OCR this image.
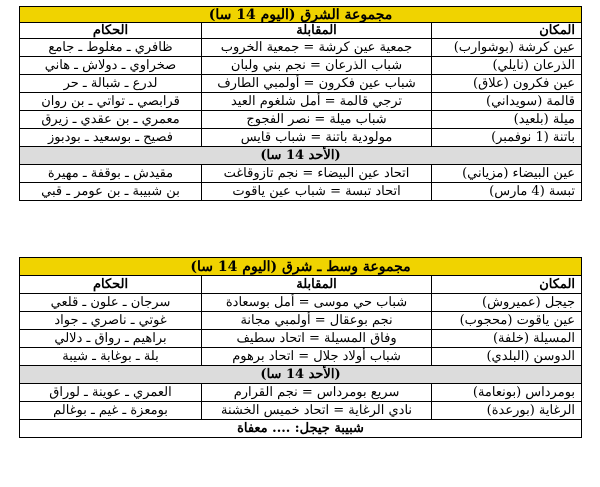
مجموعة الشرق (اليوم 14 سا)		
المكان	المقابلة	الحكام
عين كرشة (بوشوارب)	جمعية عين كرشة = جمعية الخروب	ظافري ـ مغلوط ـ جامع
الذرعان (نايلي)	شباب الذرعان = نجم بني ولبان	صخراوي ـ دولاش ـ هاني
عين فكرون (علاق)	شباب عين فكرون = أولمبي الطارف	لدرع ـ شبالة ـ حر
قالمة (سويداني)	ترجي قالمة = أمل شلغوم العيد	قرابصي ـ تواتي ـ بن روان
ميلة (بلعيد)	شباب ميلة = نصر الفجوج	معمري ـ بن عقدي ـ زيرق
باتنة (1 نوفمبر)	مولودية باتنة = شباب قايس	فصيح ـ بوسعيد ـ بودبوز
(الأحد 14 سا)		
عين البيضاء (مزياني)	اتحاد عين البيضاء = نجم تازوقاغت	مقيدش ـ بوقفة ـ مهيرة
تبسة (4 مارس)	اتحاد تبسة = شباب عين ياقوت	بن شبيبة ـ بن عومر ـ قبي
مجموعة وسط ـ شرق (اليوم 14 سا)		
المكان	المقابلة	الحكام
جيجل (عميروش)	شباب حي موسى = أمل بوسعادة	سرجان ـ علون ـ قلعي
عين ياقوت (محجوب)	نجم بوعقال = أولمبي مجانة	غوتي ـ ناصري ـ جواد
المسيلة (خلفة)	وفاق المسيلة = اتحاد سطيف	براهيم ـ رواق ـ دلالي
الدوسن (البلدي)	شباب أولاد جلال = اتحاد برهوم	بلة ـ بوغابة ـ شيبة
(الأحد 14 سا)		
بومرداس (بونعامة)	سريع بومرداس = نجم القرارم	العمري ـ عوينة ـ لوراق
الرغاية (بورعدة)	نادي الرغاية = اتحاد خميس الخشنة	بومعزة ـ غيم ـ بوغالم
شبيبة جيجل: .... معفاة		
